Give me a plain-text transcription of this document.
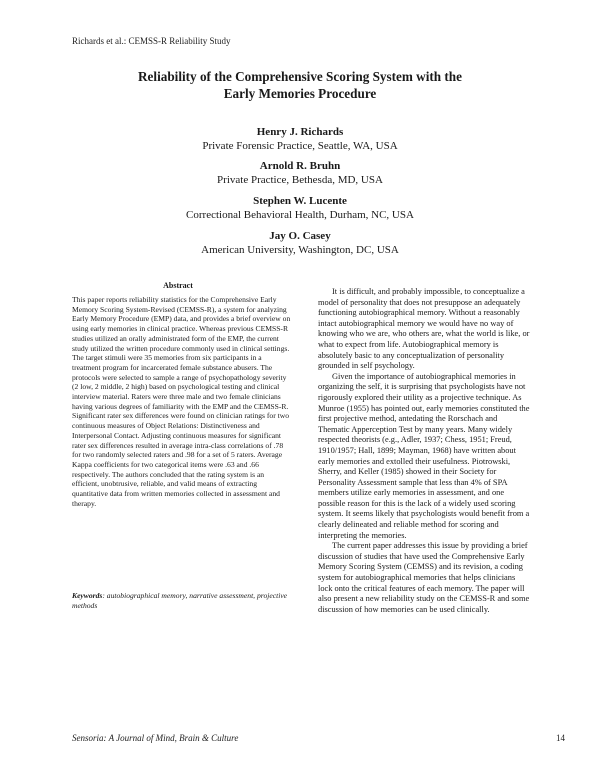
Richards et al.: CEMSS-R Reliability Study
Reliability of the Comprehensive Scoring System with the
Early Memories Procedure
Henry J. Richards
Private Forensic Practice, Seattle, WA, USA
Arnold R. Bruhn
Private Practice, Bethesda, MD, USA
Stephen W. Lucente
Correctional Behavioral Health, Durham, NC, USA
Jay O. Casey
American University, Washington, DC, USA
Abstract

This paper reports reliability statistics for the Comprehensive Early Memory Scoring System-Revised (CEMSS-R), a system for analyzing Early Memory Procedure (EMP) data, and provides a brief overview on using early memories in clinical practice. Whereas previous CEMSS-R studies utilized an orally administrated form of the EMP, the current study utilized the written procedure commonly used in clinical settings. The target stimuli were 35 memories from six participants in a treatment program for incarcerated female substance abusers. The protocols were selected to sample a range of psychopathology severity (2 low, 2 middle, 2 high) based on psychological testing and clinical interview material. Raters were three male and two female clinicians having various degrees of familiarity with the EMP and the CEMSS-R. Significant rater sex differences were found on clinician ratings for two continuous measures of Object Relations: Distinctiveness and Interpersonal Contact. Adjusting continuous measures for significant rater sex differences resulted in average intra-class correlations of .78 for two randomly selected raters and .98 for a set of 5 raters. Average Kappa coefficients for two categorical items were .63 and .66 respectively. The authors concluded that the rating system is an efficient, unobtrusive, reliable, and valid means of extracting quantitative data from written memories collected in assessment and therapy.

Keywords: autobiographical memory, narrative assessment, projective methods

It is difficult, and probably impossible, to conceptualize a model of personality that does not presuppose an adequately functioning autobiographical memory. Without a reasonably intact autobiographical memory we would have no way of knowing who we are, who others are, what the world is like, or what to expect from life. Autobiographical memory is absolutely basic to any conceptualization of personality grounded in self psychology.

Given the importance of autobiographical memories in organizing the self, it is surprising that psychologists have not rigorously explored their utility as a projective technique. As Munroe (1955) has pointed out, early memories constituted the first projective method, antedating the Rorschach and Thematic Apperception Test by many years. Many widely respected theorists (e.g., Adler, 1937; Chess, 1951; Freud, 1910/1957; Hall, 1899; Mayman, 1968) have written about early memories and extolled their usefulness. Piotrowski, Sherry, and Keller (1985) showed in their Society for Personality Assessment sample that less than 4% of SPA members utilize early memories in assessment, and one possible reason for this is the lack of a widely used scoring system. It seems likely that psychologists would benefit from a clearly delineated and reliable method for scoring and interpreting the memories.

The current paper addresses this issue by providing a brief discussion of studies that have used the Comprehensive Early Memory Scoring System (CEMSS) and its revision, a coding system for autobiographical memories that helps clinicians lock onto the critical features of each memory. The paper will also present a new reliability study on the CEMSS-R and some discussion of how memories can be used clinically.

Sensoria: A Journal of Mind, Brain & Culture	14
